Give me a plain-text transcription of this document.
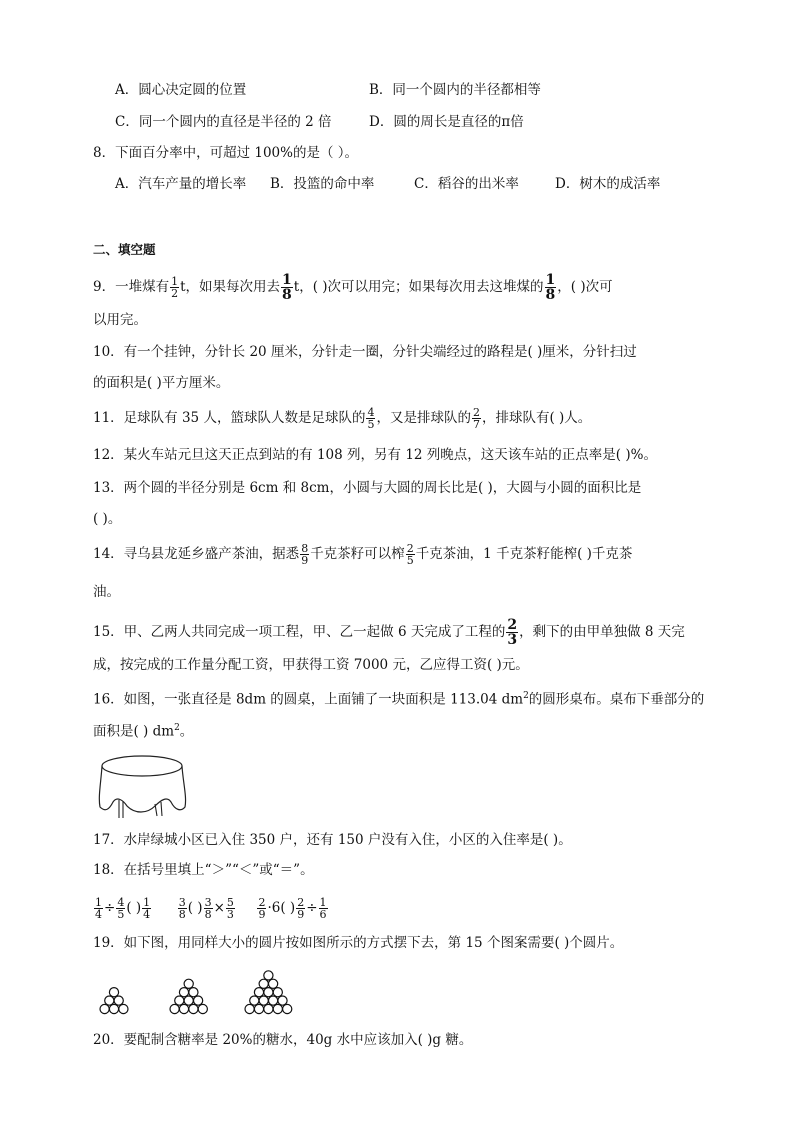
A．圆心决定圆的位置	B．同一个圆内的半径都相等
C．同一个圆内的直径是半径的 2 倍	D．圆的周长是直径的π倍
8．下面百分率中，可超过 100%的是（ ）。
A．汽车产量的增长率 B．投篮的命中率	C．稻谷的出米率	D．树木的成活率
二、填空题
9．一堆煤有 $\frac{1}{2}$ t，如果每次用去 $\frac{1}{8}$ t，( )次可以用完；如果每次用去这堆煤的 $\frac{1}{8}$ ，( )次可
以用完。
10．有一个挂钟，分针长 20 厘米，分针走一圈，分针尖端经过的路程是( )厘米，分针扫过
的面积是( )平方厘米。
11．足球队有 35 人，篮球队人数是足球队的 $\frac{4}{5}$ ，又是排球队的 $\frac{2}{7}$ ，排球队有( )人。
12．某火车站元旦这天正点到站的有 108 列，另有 12 列晚点，这天该车站的正点率是( )%。
13．两个圆的半径分别是 6cm 和 8cm，小圆与大圆的周长比是( )，大圆与小圆的面积比是
( )。
14．寻乌县龙延乡盛产茶油，据悉 $\frac{8}{9}$ 千克茶籽可以榨 $\frac{2}{5}$ 千克茶油，1 千克茶籽能榨( )千克茶
油。
15．甲、乙两人共同完成一项工程，甲、乙一起做 6 天完成了工程的 $\frac{2}{3}$ ，剩下的由甲单独做 8 天完
成，按完成的工作量分配工资，甲获得工资 7000 元，乙应得工资( )元。
16．如图，一张直径是 8dm 的圆桌，上面铺了一块面积是 113.04 $dm^2$的圆形桌布。桌布下垂部分的
面积是( ) $dm^2$。
17．水岸绿城小区已入住 350 户，还有 150 户没有入住，小区的入住率是( )。
18．在括号里填上“＞”“＜”或“＝”。
$\frac{1}{4} \div \frac{4}{5}$ ( ) $\frac{1}{4}$
$\frac{3}{8}$ ( ) $\frac{3}{8} \times \frac{5}{3}$
$\frac{2}{9} \cdot 6$( ) $\frac{2}{9} \div \frac{1}{6}$
19．如下图，用同样大小的圆片按如图所示的方式摆下去，第 15 个图案需要( )个圆片。
20．要配制含糖率是 20%的糖水，40g 水中应该加入( )g 糖。
